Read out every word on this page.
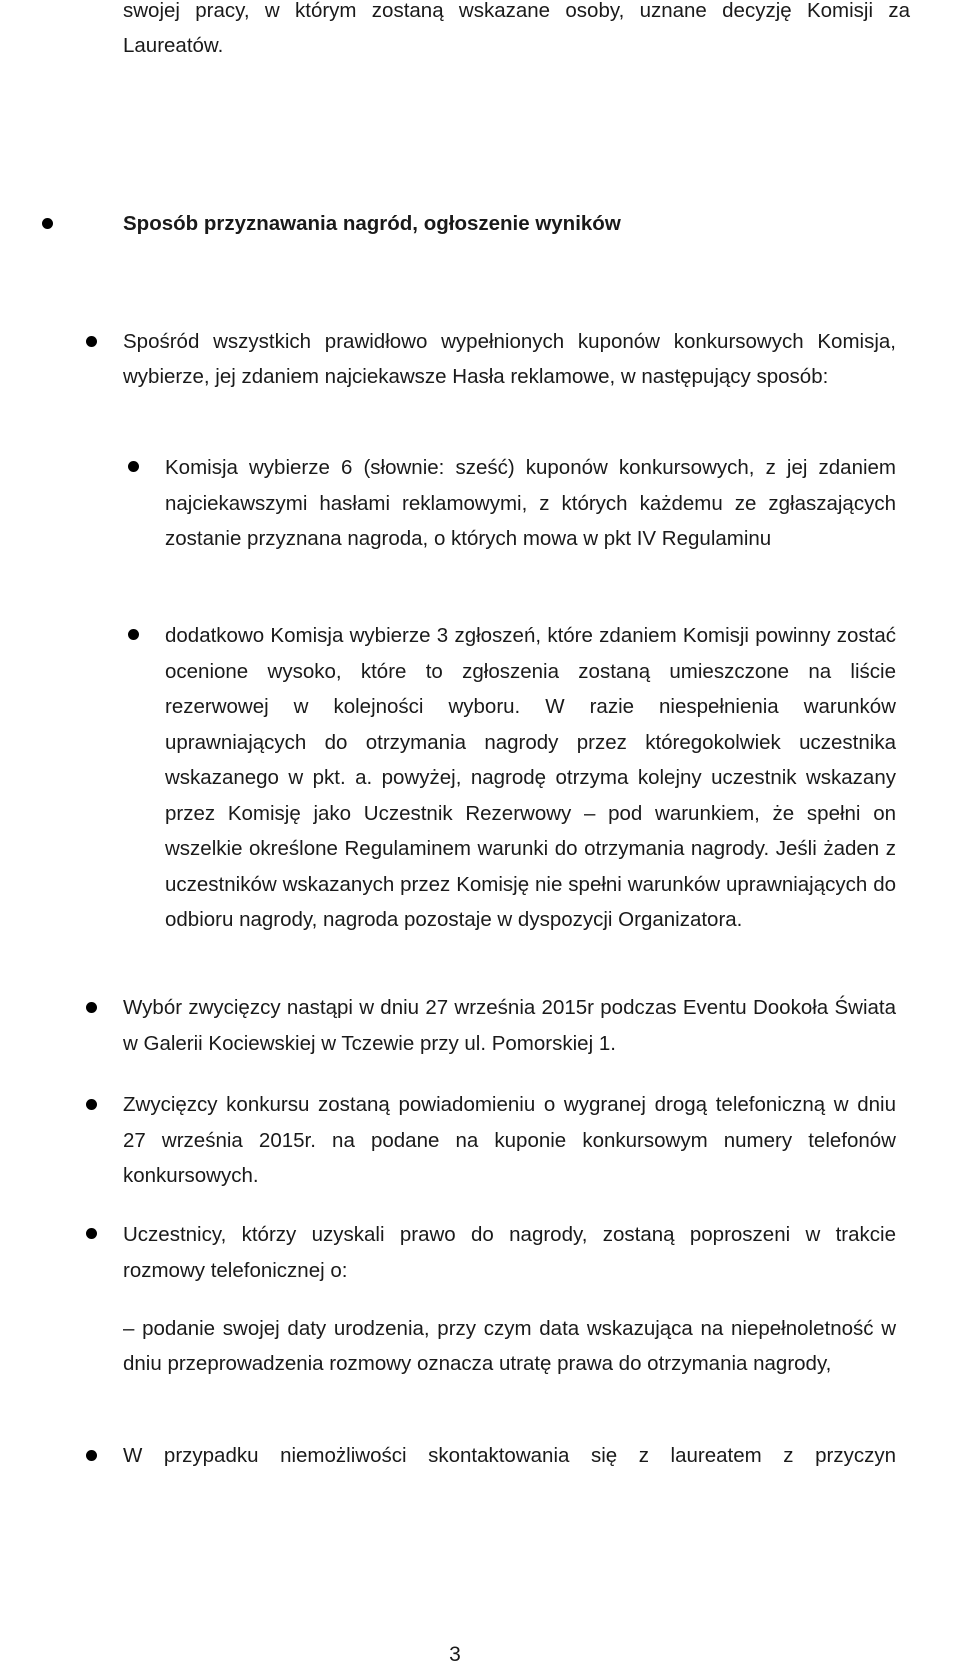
swojej pracy, w którym zostaną wskazane osoby, uznane decyzję Komisji za Laureatów.

Sposób przyznawania nagród, ogłoszenie wyników

Spośród wszystkich prawidłowo wypełnionych kuponów konkursowych Komisja, wybierze, jej zdaniem najciekawsze Hasła reklamowe, w następujący sposób:

Komisja wybierze 6 (słownie: sześć) kuponów konkursowych, z jej zdaniem najciekawszymi hasłami reklamowymi, z których każdemu ze zgłaszających zostanie przyznana nagroda, o których mowa w pkt IV Regulaminu

dodatkowo Komisja wybierze 3 zgłoszeń, które zdaniem Komisji powinny zostać ocenione wysoko, które to zgłoszenia zostaną umieszczone na liście rezerwowej w kolejności wyboru. W razie niespełnienia warunków uprawniających do otrzymania nagrody przez któregokolwiek uczestnika wskazanego w pkt. a. powyżej, nagrodę otrzyma kolejny uczestnik wskazany przez Komisję jako Uczestnik Rezerwowy – pod warunkiem, że spełni on wszelkie określone Regulaminem warunki do otrzymania nagrody. Jeśli żaden z uczestników wskazanych przez Komisję nie spełni warunków uprawniających do odbioru nagrody, nagroda pozostaje w dyspozycji Organizatora.

Wybór zwycięzcy nastąpi w dniu 27 września 2015r podczas Eventu Dookoła Świata w Galerii Kociewskiej w Tczewie przy ul. Pomorskiej 1.

Zwycięzcy konkursu zostaną powiadomieniu o wygranej drogą telefoniczną w dniu 27 września 2015r. na podane na kuponie konkursowym numery telefonów konkursowych.

Uczestnicy, którzy uzyskali prawo do nagrody, zostaną poproszeni w trakcie rozmowy telefonicznej o:

– podanie swojej daty urodzenia, przy czym data wskazująca na niepełnoletność w dniu przeprowadzenia rozmowy oznacza utratę prawa do otrzymania nagrody,

W przypadku niemożliwości skontaktowania się z laureatem z przyczyn

3
